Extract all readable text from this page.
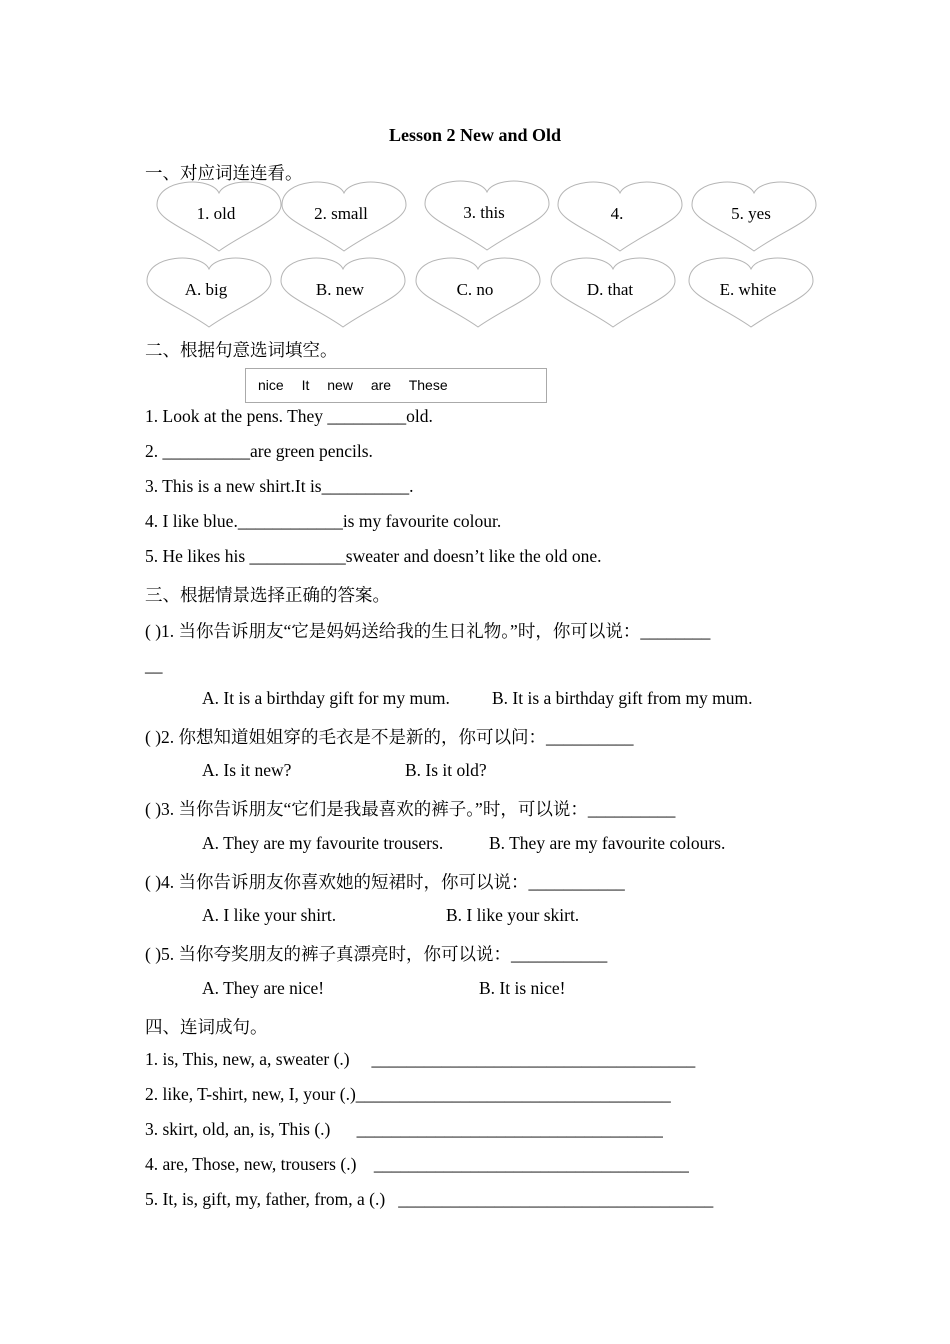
Lesson 2 New and Old
一、对应词连连看。
1. old	2. small	3. this	4.	5. yes
A. big	B. new	C. no	D. that	E. white
二、根据句意选词填空。
nice It new are These
1. Look at the pens. They _________old.
2. __________are green pencils.
3. This is a new shirt.It is__________.
4. I like blue.____________is my favourite colour.
5. He likes his ___________sweater and doesn’t like the old one.
三、根据情景选择正确的答案。
( )1. 当你告诉朋友“它是妈妈送给我的生日礼物。”时，你可以说：________
__
A. It is a birthday gift for my mum. B. It is a birthday gift from my mum.
( )2. 你想知道姐姐穿的毛衣是不是新的，你可以问：__________
A. Is it new?	B. Is it old?
( )3. 当你告诉朋友“它们是我最喜欢的裤子。”时，可以说：__________
A. They are my favourite trousers.	B. They are my favourite colours.
( )4. 当你告诉朋友你喜欢她的短裙时，你可以说：___________
A. I like your shirt.	B. I like your skirt.
( )5. 当你夸奖朋友的裤子真漂亮时，你可以说：___________
A. They are nice!	B. It is nice!
四、连词成句。
1. is, This, new, a, sweater (.)     _____________________________________
2. like, T-shirt, new, I, your (.)____________________________________
3. skirt, old, an, is, This (.)      ___________________________________
4. are, Those, new, trousers (.)    ____________________________________
5. It, is, gift, my, father, from, a (.)   ____________________________________
